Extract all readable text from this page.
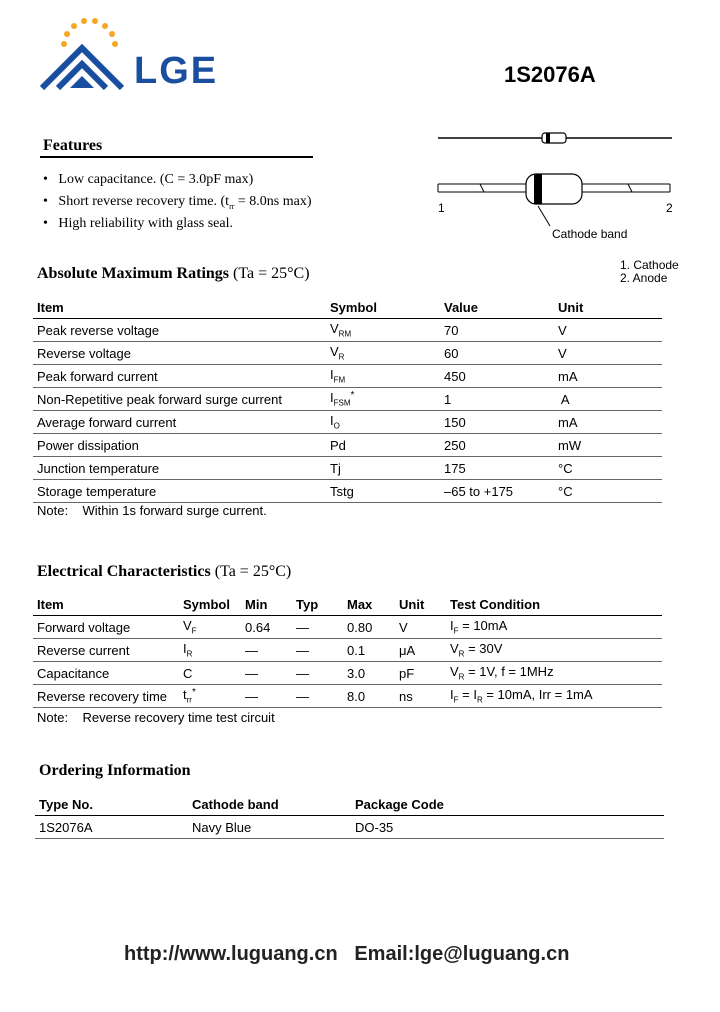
LGE	1S2076A
Features
•   Low capacitance. (C = 3.0pF max)
•   Short reverse recovery time. ($t_{rr} = 8.0ns$ max)
•   High reliability with glass seal.
1	2
Cathode band
1. Cathode
2. Anode
Absolute Maximum Ratings (Ta = 25°C)
Item	Symbol	Value	Unit
Peak reverse voltage	$V_{RM}$	70	V
Reverse voltage	$V_R$	60	V
Peak forward current	$I_{FM}$	450	mA
Non-Repetitive peak forward surge current	$I_{FSM}^*$	1	A
Average forward current	$I_O$	150	mA
Power dissipation	Pd	250	mW
Junction temperature	Tj	175	°C
Storage temperature	Tstg	–65 to +175	°C
Note:    Within 1s forward surge current.
Electrical Characteristics (Ta = 25°C)
Item	Symbol	Min	Typ	Max	Unit	Test Condition
Forward voltage	$V_F$	0.64	—	0.80	V	$I_F = 10mA$
Reverse current	$I_R$	—	—	0.1	μA	$V_R = 30V$
Capacitance	C	—	—	3.0	pF	$V_R = 1V$, f = 1MHz
Reverse recovery time	$t_{rr}^*$	—	—	8.0	ns	$I_F = I_R = 10mA$, Irr = 1mA
Note:    Reverse recovery time test circuit
Ordering Information
Type No.	Cathode band	Package Code
1S2076A	Navy Blue	DO-35
http://www.luguang.cn Email:lge@luguang.cn
